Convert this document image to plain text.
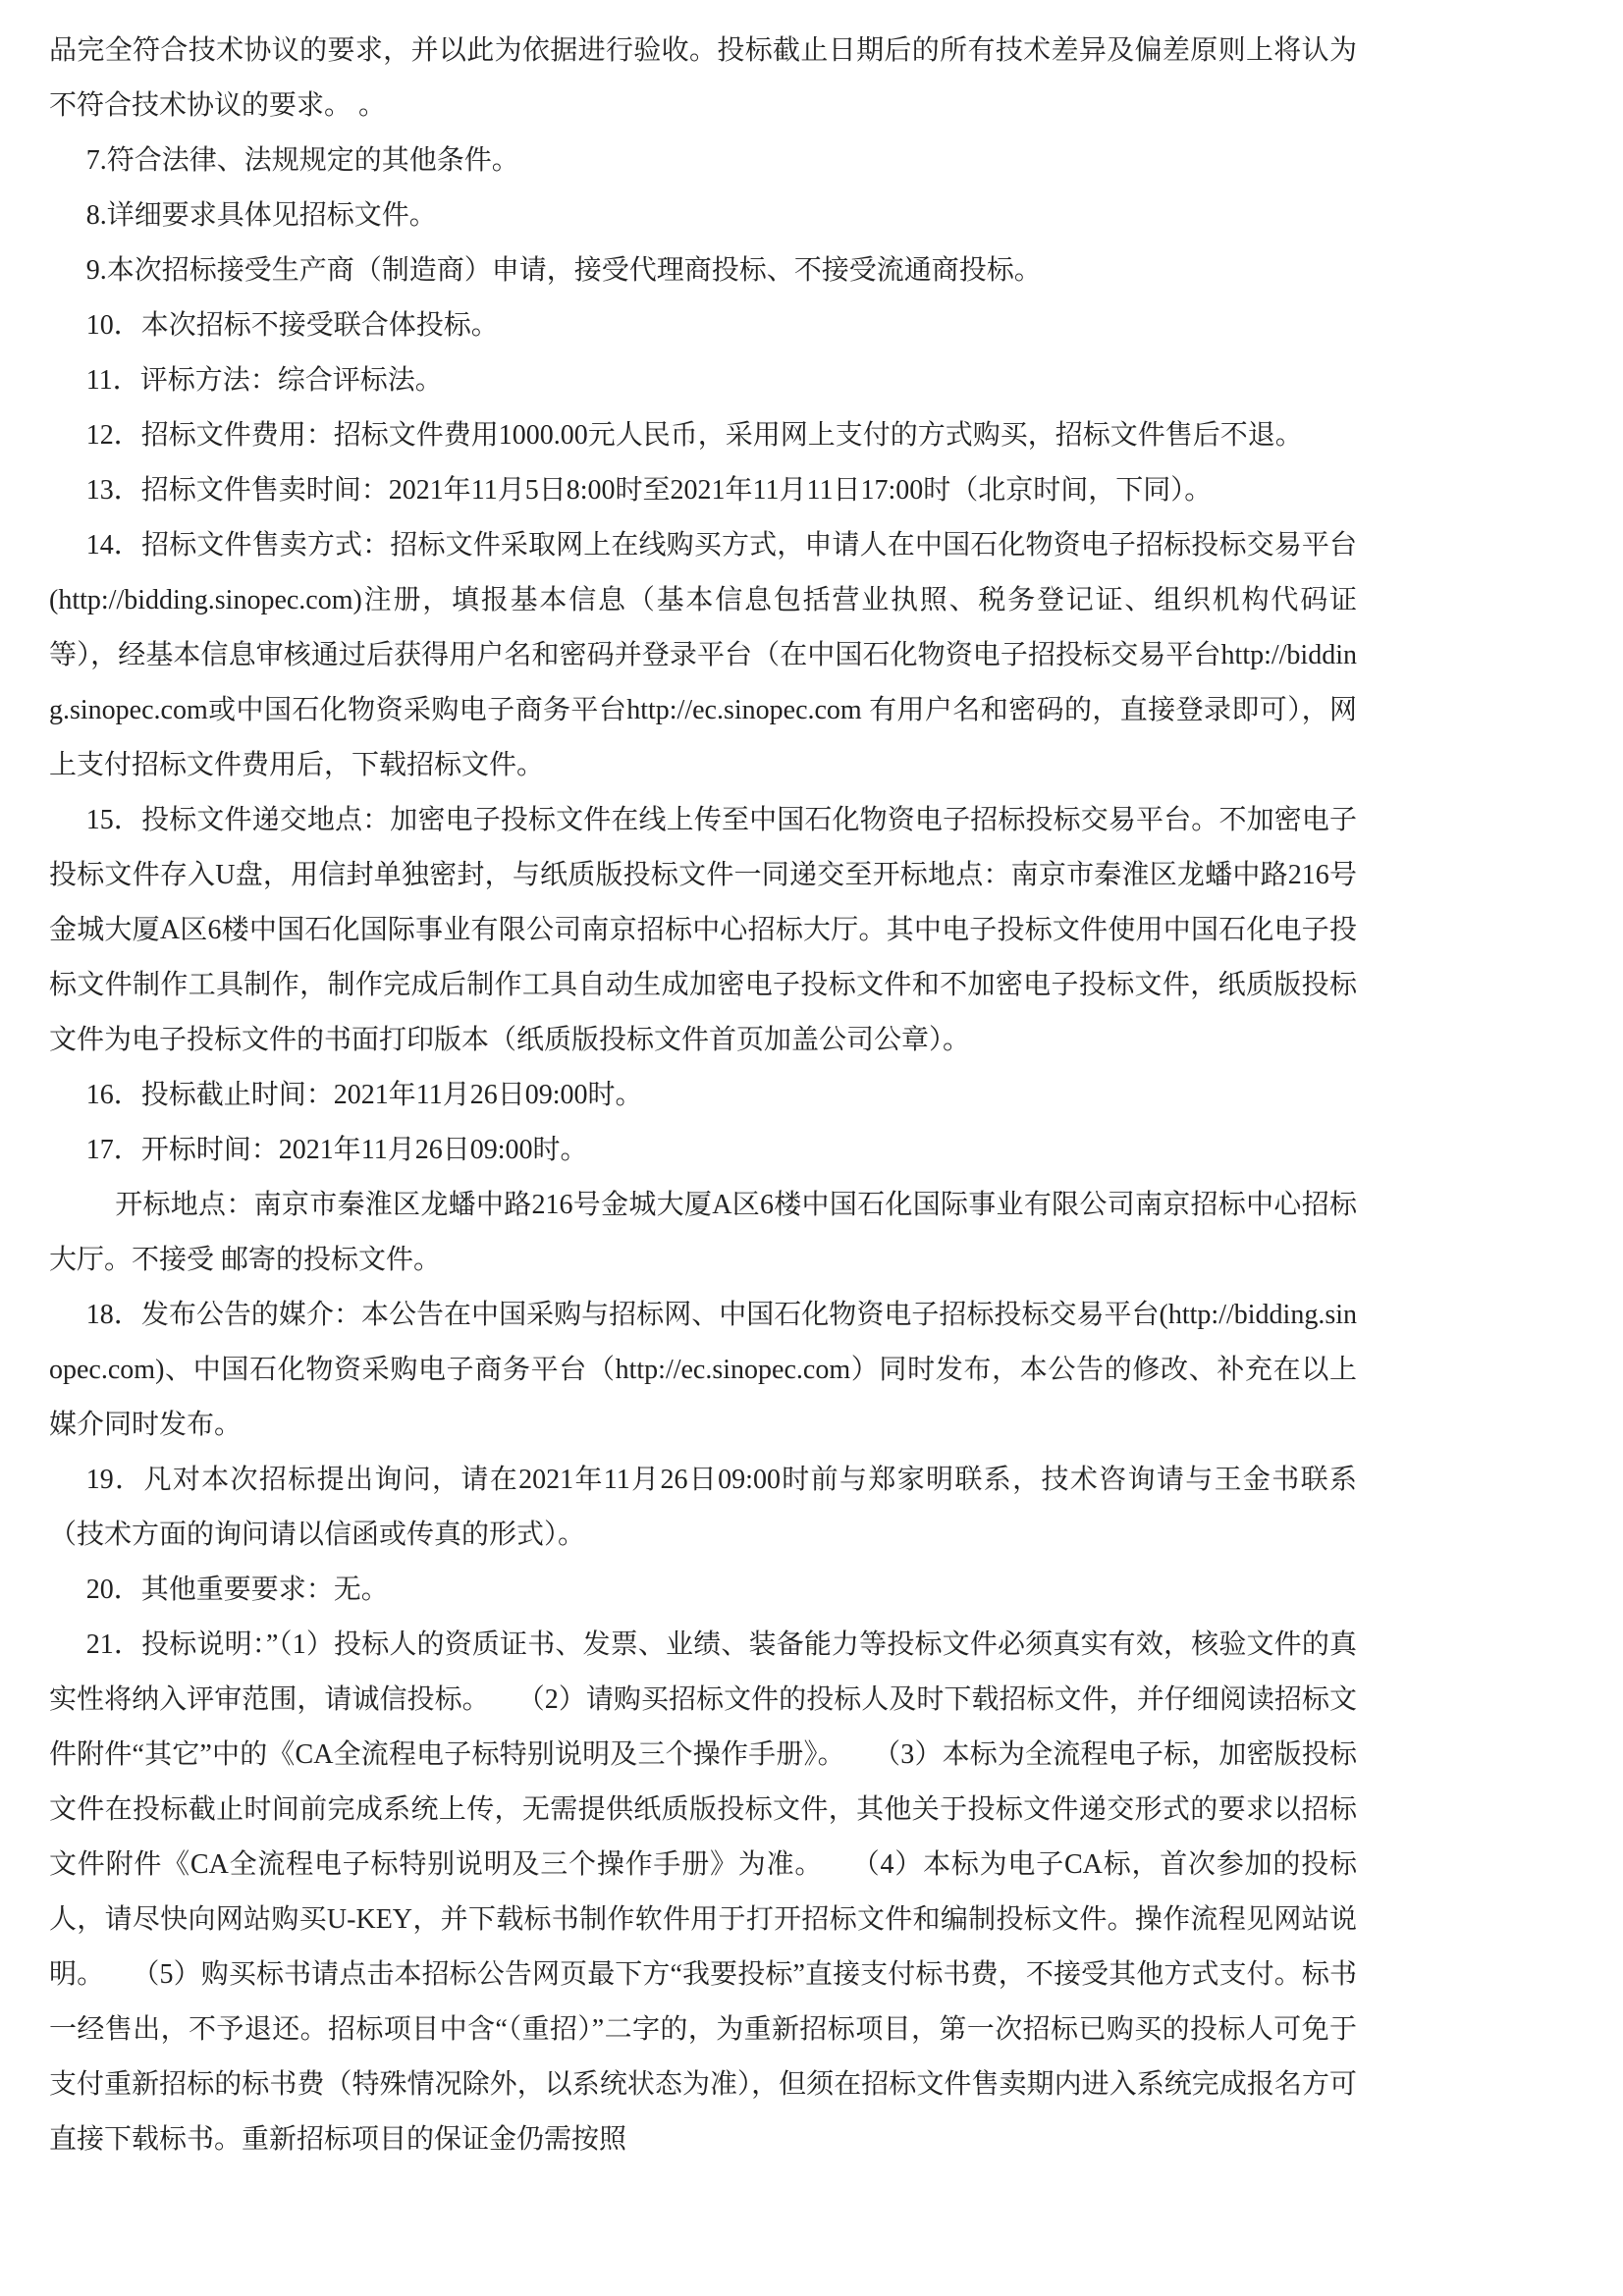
品完全符合技术协议的要求，并以此为依据进行验收。投标截止日期后的所有技术差异及偏差原则上将认为不符合技术协议的要求。 。

7.符合法律、法规规定的其他条件。

8.详细要求具体见招标文件。

9.本次招标接受生产商（制造商）申请，接受代理商投标、不接受流通商投标。

10．本次招标不接受联合体投标。

11．评标方法：综合评标法。

12．招标文件费用：招标文件费用1000.00元人民币，采用网上支付的方式购买，招标文件售后不退。

13．招标文件售卖时间：2021年11月5日8:00时至2021年11月11日17:00时（北京时间，下同）。

14．招标文件售卖方式：招标文件采取网上在线购买方式，申请人在中国石化物资电子招标投标交易平台(http://bidding.sinopec.com)注册，填报基本信息（基本信息包括营业执照、税务登记证、组织机构代码证等），经基本信息审核通过后获得用户名和密码并登录平台（在中国石化物资电子招投标交易平台http://bidding.sinopec.com或中国石化物资采购电子商务平台http://ec.sinopec.com 有用户名和密码的，直接登录即可），网上支付招标文件费用后，下载招标文件。

15．投标文件递交地点：加密电子投标文件在线上传至中国石化物资电子招标投标交易平台。不加密电子投标文件存入U盘，用信封单独密封，与纸质版投标文件一同递交至开标地点：南京市秦淮区龙蟠中路216号金城大厦A区6楼中国石化国际事业有限公司南京招标中心招标大厅。其中电子投标文件使用中国石化电子投标文件制作工具制作，制作完成后制作工具自动生成加密电子投标文件和不加密电子投标文件，纸质版投标文件为电子投标文件的书面打印版本（纸质版投标文件首页加盖公司公章）。

16．投标截止时间：2021年11月26日09:00时。

17．开标时间：2021年11月26日09:00时。

开标地点：南京市秦淮区龙蟠中路216号金城大厦A区6楼中国石化国际事业有限公司南京招标中心招标大厅。不接受 邮寄的投标文件。

18．发布公告的媒介：本公告在中国采购与招标网、中国石化物资电子招标投标交易平台(http://bidding.sinopec.com)、中国石化物资采购电子商务平台（http://ec.sinopec.com）同时发布，本公告的修改、补充在以上媒介同时发布。

19．凡对本次招标提出询问，请在2021年11月26日09:00时前与郑家明联系，技术咨询请与王金书联系（技术方面的询问请以信函或传真的形式）。

20．其他重要要求：无。

21．投标说明：”（1）投标人的资质证书、发票、业绩、装备能力等投标文件必须真实有效，核验文件的真实性将纳入评审范围，请诚信投标。　　（2）请购买招标文件的投标人及时下载招标文件，并仔细阅读招标文件附件“其它”中的《CA全流程电子标特别说明及三个操作手册》。　　（3）本标为全流程电子标，加密版投标文件在投标截止时间前完成系统上传，无需提供纸质版投标文件，其他关于投标文件递交形式的要求以招标文件附件《CA全流程电子标特别说明及三个操作手册》为准。　　（4）本标为电子CA标，首次参加的投标人，请尽快向网站购买U-KEY，并下载标书制作软件用于打开招标文件和编制投标文件。操作流程见网站说明。　　（5）购买标书请点击本招标公告网页最下方“我要投标”直接支付标书费，不接受其他方式支付。标书一经售出，不予退还。招标项目中含“（重招）”二字的，为重新招标项目，第一次招标已购买的投标人可免于支付重新招标的标书费（特殊情况除外，以系统状态为准），但须在招标文件售卖期内进入系统完成报名方可直接下载标书。重新招标项目的保证金仍需按照
